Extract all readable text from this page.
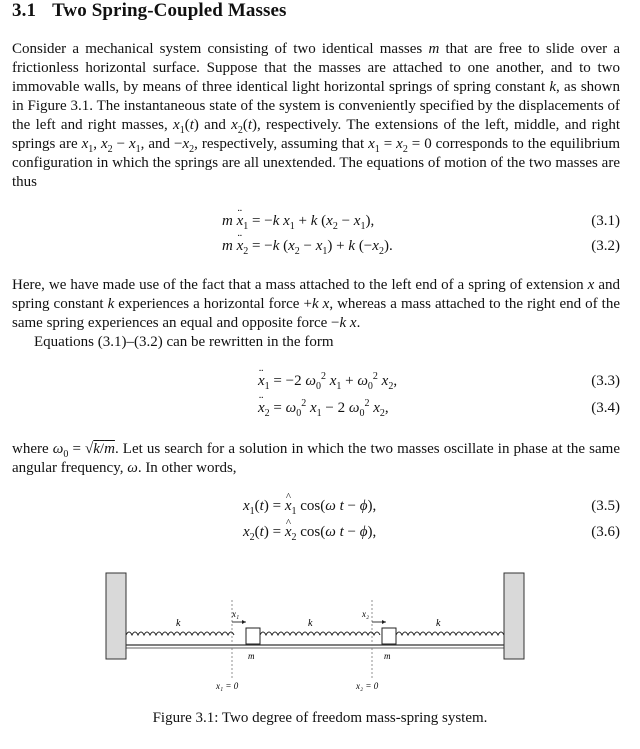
3.1 Two Spring-Coupled Masses

Consider a mechanical system consisting of two identical masses m that are free to slide over a frictionless horizontal surface. Suppose that the masses are attached to one another, and to two immovable walls, by means of three identical light horizontal springs of spring constant k, as shown in Figure 3.1. The instantaneous state of the system is conveniently specified by the displacements of the left and right masses, $x_1(t)$ and $x_2(t)$, respectively. The extensions of the left, middle, and right springs are $x_1$, $x_2 - x_1$, and $-x_2$, respectively, assuming that $x_1 = x_2 = 0$ corresponds to the equilibrium configuration in which the springs are all unextended. The equations of motion of the two masses are thus

m ¨ $x_1 = -k$ $x_1 + k$ $(x_2 - x_1)$,	(3.1)
m ¨ $x_2 = -k$ $(x_2 - x_1) + k$ $(-x_2)$.	(3.2)

Here, we have made use of the fact that a mass attached to the left end of a spring of extension x and spring constant k experiences a horizontal force +k x, whereas a mass attached to the right end of the same spring experiences an equal and opposite force −k x.

Equations (3.1)–(3.2) can be rewritten in the form

¨ $x_1 = -2$ $\omega_0^2$ $x_1 + \omega_0^2$ $x_2$,	(3.3)
¨ $x_2 = \omega_0^2$ $x_1 - 2$ $\omega_0^2$ $x_2$,	(3.4)

where $\omega_0 = √k/m$. Let us search for a solution in which the two masses oscillate in phase at the same angular frequency, ω. In other words,

$x_1(t)$ = ^ $x_1$ cos(ω t − ϕ),	(3.5)
$x_2(t)$ = ^ $x_2$ cos(ω t − ϕ),	(3.6)
k	k	k
x₁	x₂
m	m
x₁ = 0	x₂ = 0
Figure 3.1: Two degree of freedom mass-spring system.
